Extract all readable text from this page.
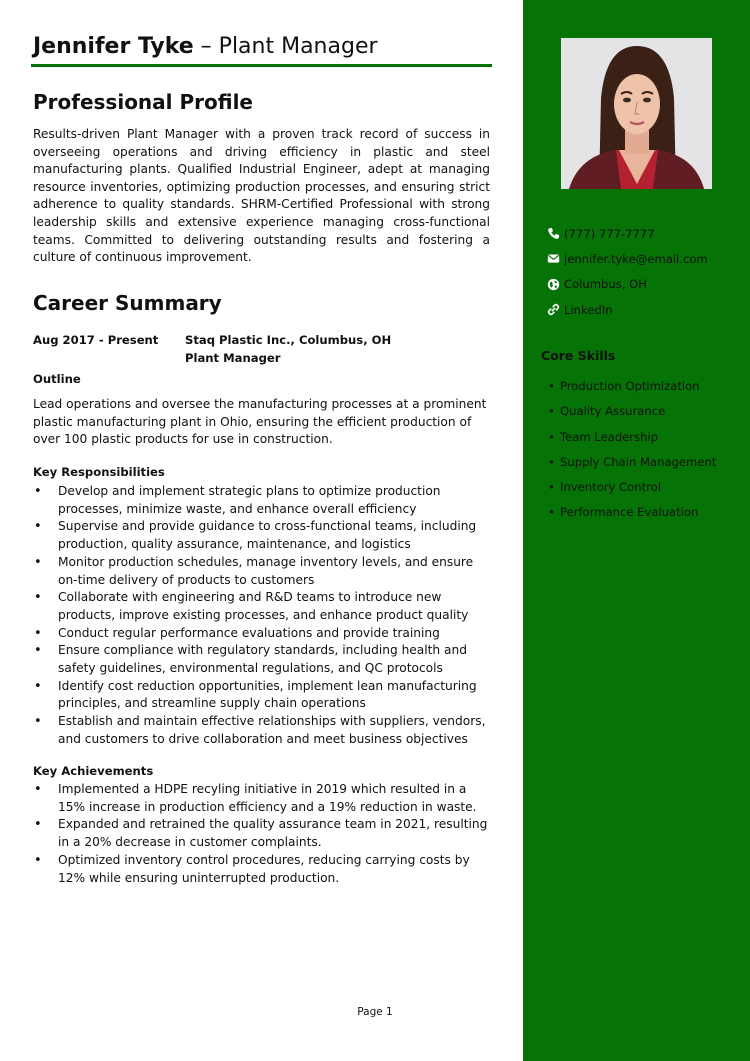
Jennifer Tyke – Plant Manager
Professional Profile
Results-driven Plant Manager with a proven track record of success in overseeing operations and driving efficiency in plastic and steel manufacturing plants. Qualified Industrial Engineer, adept at managing resource inventories, optimizing production processes, and ensuring strict adherence to quality standards. SHRM-Certified Professional with strong leadership skills and extensive experience managing cross-functional teams. Committed to delivering outstanding results and fostering a culture of continuous improvement.
Career Summary
Aug 2017 - Present Staq Plastic Inc., Columbus, OH
Plant Manager
Outline
Lead operations and oversee the manufacturing processes at a prominent plastic manufacturing plant in Ohio, ensuring the efficient production of over 100 plastic products for use in construction.
Key Responsibilities
• Develop and implement strategic plans to optimize production processes, minimize waste, and enhance overall efficiency
• Supervise and provide guidance to cross-functional teams, including production, quality assurance, maintenance, and logistics
• Monitor production schedules, manage inventory levels, and ensure on-time delivery of products to customers
• Collaborate with engineering and R&D teams to introduce new products, improve existing processes, and enhance product quality
• Conduct regular performance evaluations and provide training
• Ensure compliance with regulatory standards, including health and safety guidelines, environmental regulations, and QC protocols
• Identify cost reduction opportunities, implement lean manufacturing principles, and streamline supply chain operations
• Establish and maintain effective relationships with suppliers, vendors, and customers to drive collaboration and meet business objectives
Key Achievements
• Implemented a HDPE recyling initiative in 2019 which resulted in a 15% increase in production efficiency and a 19% reduction in waste.
• Expanded and retrained the quality assurance team in 2021, resulting in a 20% decrease in customer complaints.
• Optimized inventory control procedures, reducing carrying costs by 12% while ensuring uninterrupted production.
Page 1
(777) 777-7777
jennifer.tyke@email.com
Columbus, OH
LinkedIn
Core Skills
• Production Optimization
• Quality Assurance
• Team Leadership
• Supply Chain Management
• Inventory Control
• Performance Evaluation
